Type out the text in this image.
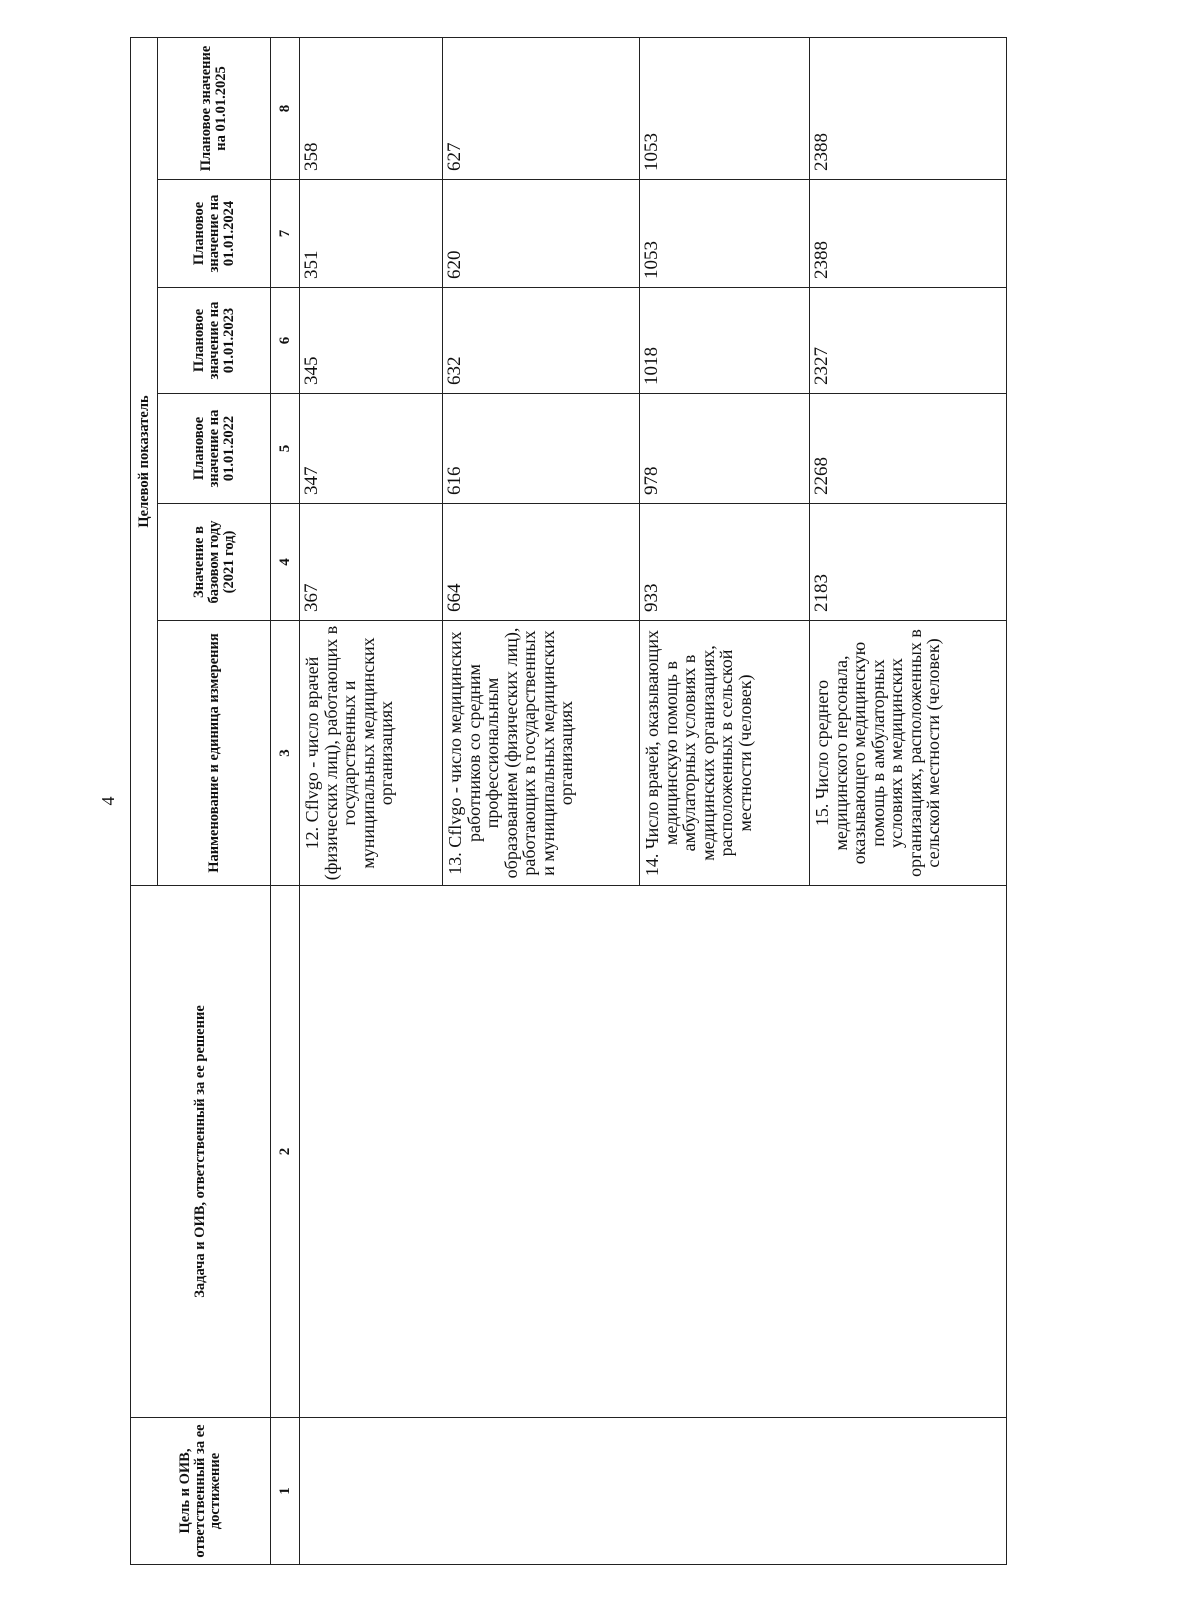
4
Цель и ОИВ, ответственный за ее достижение	Задача и ОИВ, ответственный за ее решение	Целевой показатель					
		Наименование и единица измерения	Значение в базовом году (2021 год)	Плановое значение на 01.01.2022	Плановое значение на 01.01.2023	Плановое значение на 01.01.2024	Плановое значение на 01.01.2025
1	2	3	4	5	6	7	8
		12. Cflvgo - число врачей (физических лиц), работающих в государственных и муниципальных медицинских организациях	367	347	345	351	358
		13. Cflvgo - число медицинских работников со средним профессиональным образованием (физических лиц), работающих в государственных и муниципальных медицинских организациях	664	616	632	620	627
		14. Число врачей, оказывающих медицинскую помощь в амбулаторных условиях в медицинских организациях, расположенных в сельской местности (человек)	933	978	1018	1053	1053
		15. Число среднего медицинского персонала, оказывающего медицинскую помощь в амбулаторных условиях в медицинских организациях, расположенных в сельской местности (человек)	2183	2268	2327	2388	2388
